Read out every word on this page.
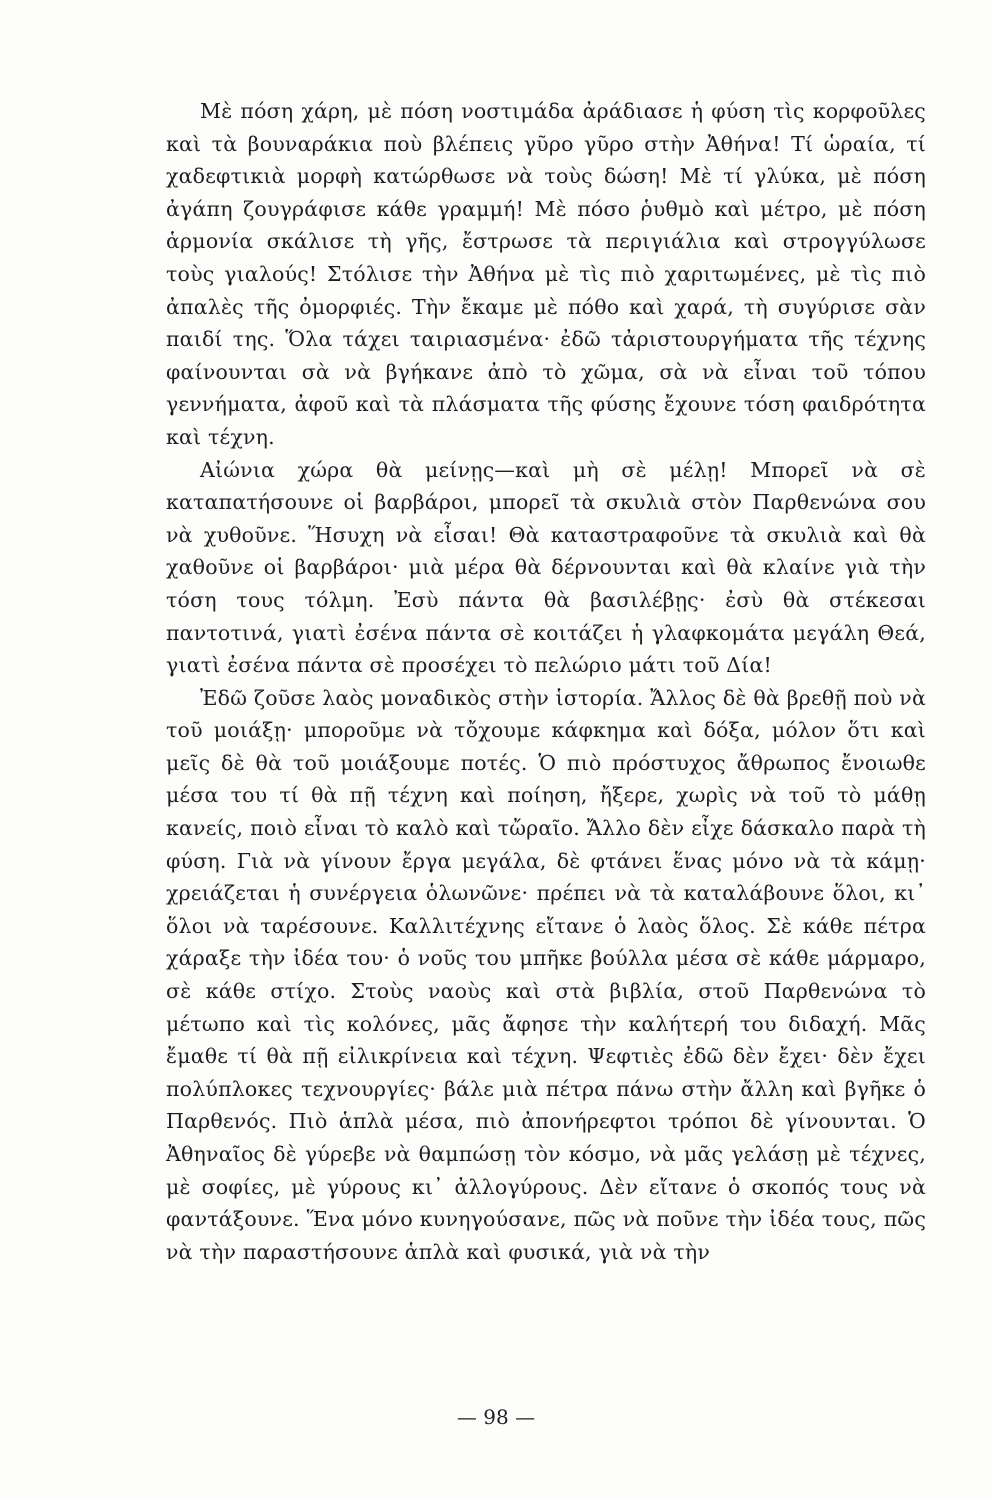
Μὲ πόση χάρη, μὲ πόση νοστιμάδα ἀράδιασε ἡ φύση τὶς κορφοῦλες καὶ τὰ βουναράκια ποὺ βλέπεις γῦρο γῦρο στὴν Ἀθήνα! Τί ὡραία, τί χαδεφτικιὰ μορφὴ κατώρθωσε νὰ τοὺς δώση! Μὲ τί γλύκα, μὲ πόση ἀγάπη ζουγράφισε κάθε γραμμή! Μὲ πόσο ῥυθμὸ καὶ μέτρο, μὲ πόση ἁρμονία σκάλισε τὴ γῆς, ἔστρωσε τὰ περιγιάλια καὶ στρογγύλωσε τοὺς γιαλούς! Στόλισε τὴν Ἀθήνα μὲ τὶς πιὸ χαριτωμένες, μὲ τὶς πιὸ ἀπαλὲς τῆς ὀμορφιές. Τὴν ἔκαμε μὲ πόθο καὶ χαρά, τὴ συγύρισε σὰν παιδί της. Ὅλα τάχει ταιριασμένα· ἐδῶ τἀριστουργήματα τῆς τέχνης φαίνουνται σὰ νὰ βγήκανε ἀπὸ τὸ χῶμα, σὰ νὰ εἶναι τοῦ τόπου γεννήματα, ἀφοῦ καὶ τὰ πλάσματα τῆς φύσης ἔχουνε τόση φαιδρότητα καὶ τέχνη.

Αἰώνια χώρα θὰ μείνῃς—καὶ μὴ σὲ μέλῃ! Μπορεῖ νὰ σὲ καταπατήσουνε οἱ βαρβάροι, μπορεῖ τὰ σκυλιὰ στὸν Παρθενώνα σου νὰ χυθοῦνε. Ἥσυχη νὰ εἶσαι! Θὰ καταστραφοῦνε τὰ σκυλιὰ καὶ θὰ χαθοῦνε οἱ βαρβάροι· μιὰ μέρα θὰ δέρνουνται καὶ θὰ κλαίνε γιὰ τὴν τόση τους τόλμη. Ἐσὺ πάντα θὰ βασιλέβῃς· ἐσὺ θὰ στέκεσαι παντοτινά, γιατὶ ἐσένα πάντα σὲ κοιτάζει ἡ γλαφκομάτα μεγάλη Θεά, γιατὶ ἐσένα πάντα σὲ προσέχει τὸ πελώριο μάτι τοῦ Δία!

Ἐδῶ ζοῦσε λαὸς μοναδικὸς στὴν ἱστορία. Ἄλλος δὲ θὰ βρεθῇ ποὺ νὰ τοῦ μοιάξῃ· μποροῦμε νὰ τὄχουμε κάφκημα καὶ δόξα, μόλον ὅτι καὶ μεῖς δὲ θὰ τοῦ μοιάξουμε ποτές. Ὁ πιὸ πρόστυχος ἄθρωπος ἔνοιωθε μέσα του τί θὰ πῇ τέχνη καὶ ποίηση, ἤξερε, χωρὶς νὰ τοῦ τὸ μάθῃ κανείς, ποιὸ εἶναι τὸ καλὸ καὶ τὤραῖο. Ἄλλο δὲν εἶχε δάσκαλο παρὰ τὴ φύση. Γιὰ νὰ γίνουν ἔργα μεγάλα, δὲ φτάνει ἕνας μόνο νὰ τὰ κάμῃ· χρειάζεται ἡ συνέργεια ὁλωνῶνε· πρέπει νὰ τὰ καταλάβουνε ὅλοι, κι᾿ ὅλοι νὰ ταρέσουνε. Καλλιτέχνης εἴτανε ὁ λαὸς ὅλος. Σὲ κάθε πέτρα χάραξε τὴν ἰδέα του· ὁ νοῦς του μπῆκε βούλλα μέσα σὲ κάθε μάρμαρο, σὲ κάθε στίχο. Στοὺς ναοὺς καὶ στὰ βιβλία, στοῦ Παρθενώνα τὸ μέτωπο καὶ τὶς κολόνες, μᾶς ἄφησε τὴν καλήτερή του διδαχή. Μᾶς ἔμαθε τί θὰ πῇ εἰλικρίνεια καὶ τέχνη. Ψεφτιὲς ἐδῶ δὲν ἔχει· δὲν ἔχει πολύπλοκες τεχνουργίες· βάλε μιὰ πέτρα πάνω στὴν ἄλλη καὶ βγῆκε ὁ Παρθενός. Πιὸ ἁπλὰ μέσα, πιὸ ἀπονήρεφτοι τρόποι δὲ γίνουνται. Ὁ Ἀθηναῖος δὲ γύρεβε νὰ θαμπώσῃ τὸν κόσμο, νὰ μᾶς γελάσῃ μὲ τέχνες, μὲ σοφίες, μὲ γύρους κι᾿ ἀλλογύρους. Δὲν εἴτανε ὁ σκοπός τους νὰ φαντάξουνε. Ἕνα μόνο κυνηγούσανε, πῶς νὰ ποῦνε τὴν ἰδέα τους, πῶς νὰ τὴν παραστήσουνε ἁπλὰ καὶ φυσικά, γιὰ νὰ τὴν

— 98 —
